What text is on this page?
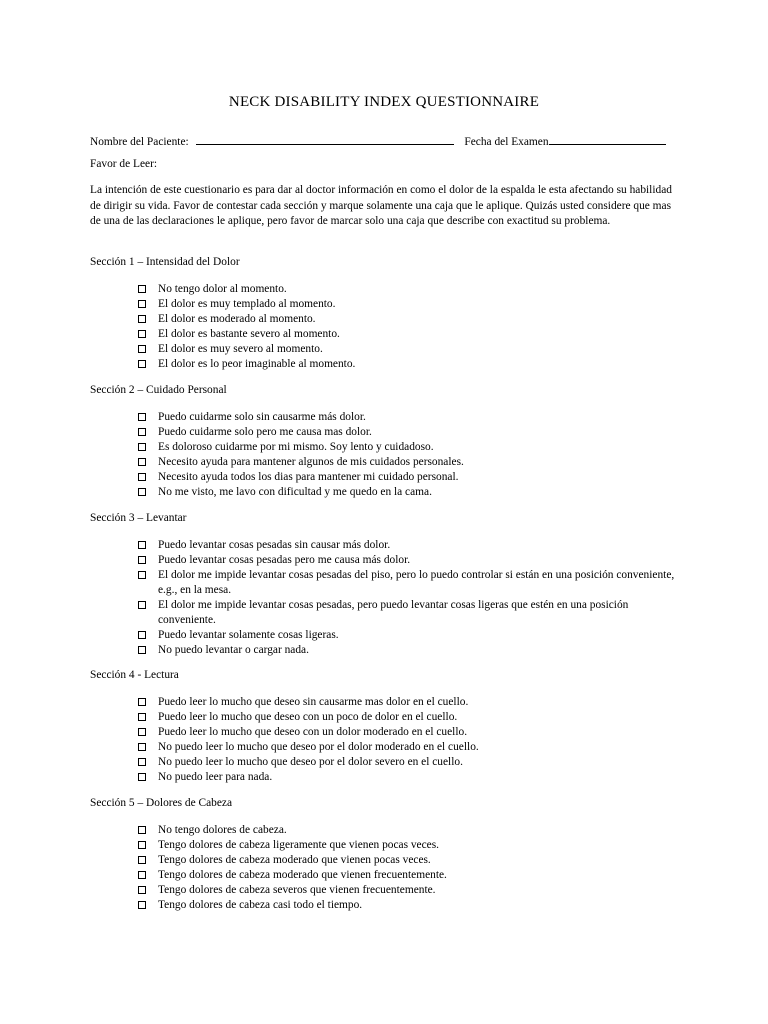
NECK DISABILITY INDEX QUESTIONNAIRE
Nombre del Paciente:	Fecha del Examen
Favor de Leer:
La intención de este cuestionario es para dar al doctor información en como el dolor de la espalda le esta afectando su habilidad de dirigir su vida. Favor de contestar cada sección y marque solamente una caja que le aplique. Quizás usted considere que mas de una de las declaraciones le aplique, pero favor de marcar solo una caja que describe con exactitud su problema.
Sección 1 – Intensidad del Dolor
No tengo dolor al momento.
El dolor es muy templado al momento.
El dolor es moderado al momento.
El dolor es bastante severo al momento.
El dolor es muy severo al momento.
El dolor es lo peor imaginable al momento.
Sección 2 – Cuidado Personal
Puedo cuidarme solo sin causarme más dolor.
Puedo cuidarme solo pero me causa mas dolor.
Es doloroso cuidarme por mi mismo. Soy lento y cuidadoso.
Necesito ayuda para mantener algunos de mis cuidados personales.
Necesito ayuda todos los dias para mantener mi cuidado personal.
No me visto, me lavo con dificultad y me quedo en la cama.
Sección 3 – Levantar
Puedo levantar cosas pesadas sin causar más dolor.
Puedo levantar cosas pesadas pero me causa más dolor.
El dolor me impide levantar cosas pesadas del piso, pero lo puedo controlar si están en una posición conveniente, e.g., en la mesa.
El dolor me impide levantar cosas pesadas, pero puedo levantar cosas ligeras que estén en una posición conveniente.
Puedo levantar solamente cosas ligeras.
No puedo levantar o cargar nada.
Sección 4 - Lectura
Puedo leer lo mucho que deseo sin causarme mas dolor en el cuello.
Puedo leer lo mucho que deseo con un poco de dolor en el cuello.
Puedo leer lo mucho que deseo con un dolor moderado en el cuello.
No puedo leer lo mucho que deseo por el dolor moderado en el cuello.
No puedo leer lo mucho que deseo por el dolor severo en el cuello.
No puedo leer para nada.
Sección 5 – Dolores de Cabeza
No tengo dolores de cabeza.
Tengo dolores de cabeza ligeramente que vienen pocas veces.
Tengo dolores de cabeza moderado que vienen pocas veces.
Tengo dolores de cabeza moderado que vienen frecuentemente.
Tengo dolores de cabeza severos que vienen frecuentemente.
Tengo dolores de cabeza casi todo el tiempo.
